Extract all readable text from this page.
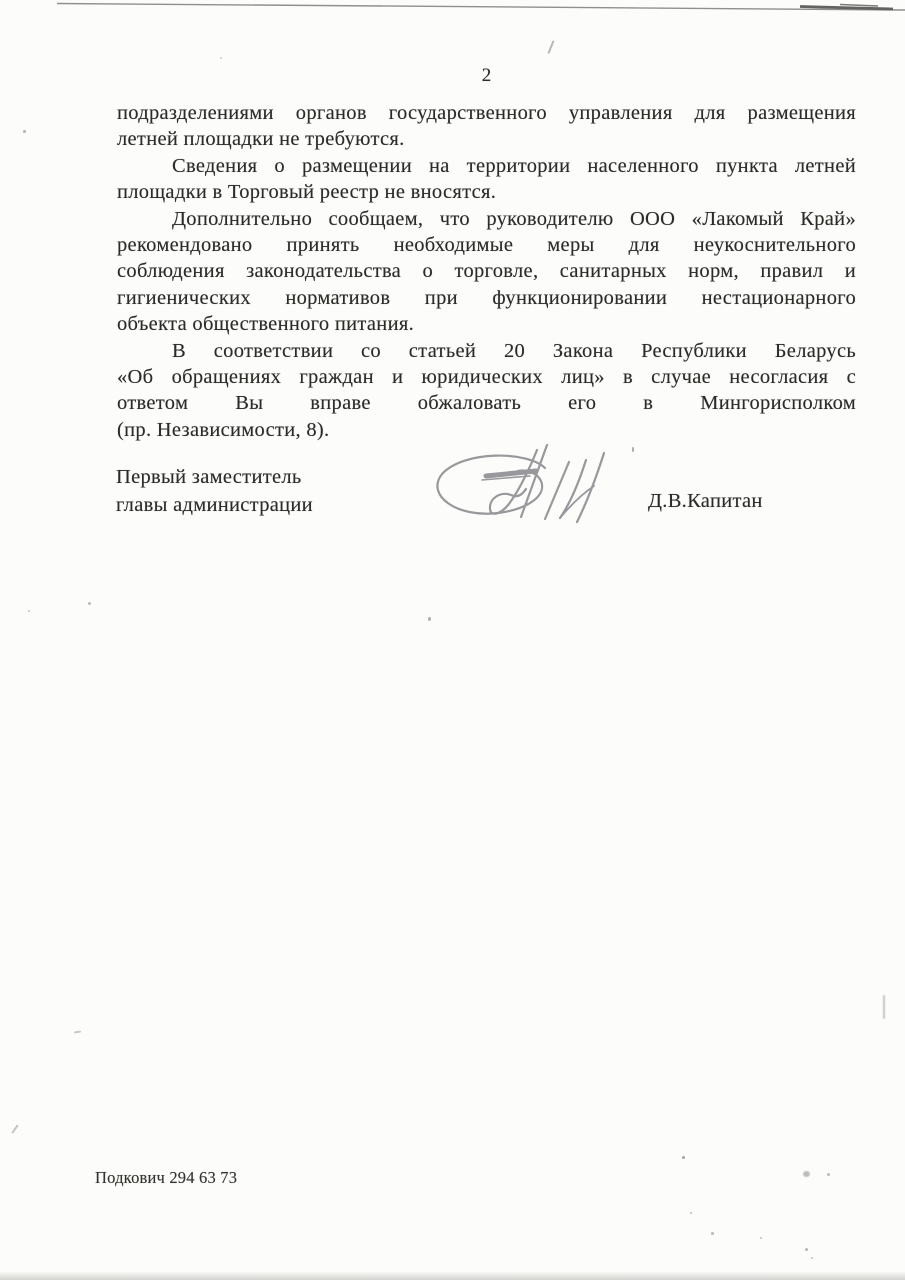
2
подразделениями органов государственного управления для размещения
летней площадки не требуются.
Сведения о размещении на территории населенного пункта летней
площадки в Торговый реестр не вносятся.
Дополнительно сообщаем, что руководителю ООО «Лакомый Край»
рекомендовано принять необходимые меры для неукоснительного
соблюдения законодательства о торговле, санитарных норм, правил и
гигиенических нормативов при функционировании нестационарного
объекта общественного питания.
В соответствии со статьей 20 Закона Республики Беларусь
«Об обращениях граждан и юридических лиц» в случае несогласия с
ответом Вы вправе обжаловать его в Мингорисполком
(пр. Независимости, 8).
Первый заместитель
главы администрации	Д.В.Капитан
Подкович 294 63 73
